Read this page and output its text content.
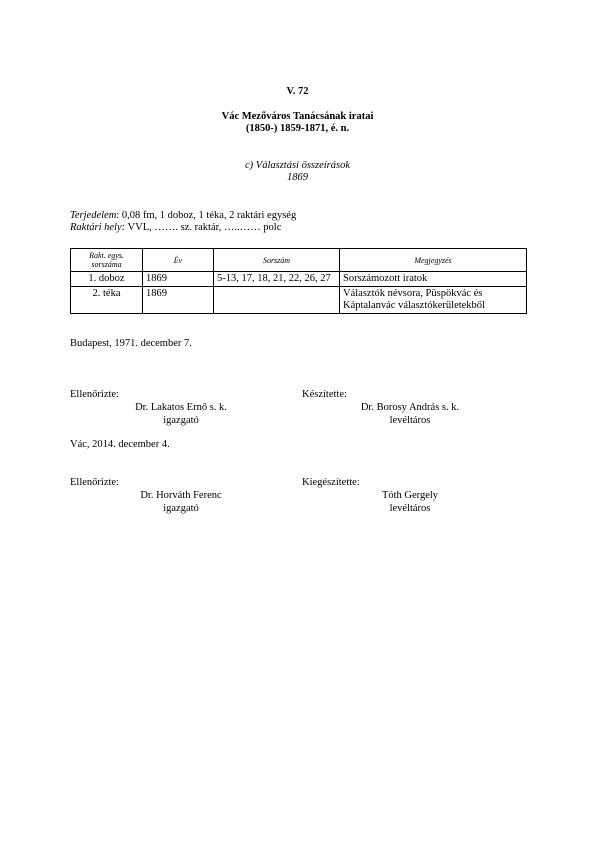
V. 72
Vác Mezőváros Tanácsának iratai
(1850-) 1859-1871, é. n.
c) Választási összeírások
1869
Terjedelem: 0,08 fm, 1 doboz, 1 téka, 2 raktári egység
Raktári hely: VVL, ……. sz. raktár, …..…… polc
Rakt. egys. sorszáma	Év	Sorszám	Megjegyzés
1. doboz	1869	5-13, 17, 18, 21, 22, 26, 27	Sorszámozott iratok
2. téka	1869		Választók névsora, Püspökvác és Káptalanvác választókerületekből
Budapest, 1971. december 7.
Ellenőrizte:
Dr. Lakatos Ernő s. k.
igazgató
Készítette:
Dr. Borosy András s. k.
levéltáros
Vác, 2014. december 4.
Ellenőrizte:
Dr. Horváth Ferenc
igazgató
Kiegészítette:
Tóth Gergely
levéltáros
